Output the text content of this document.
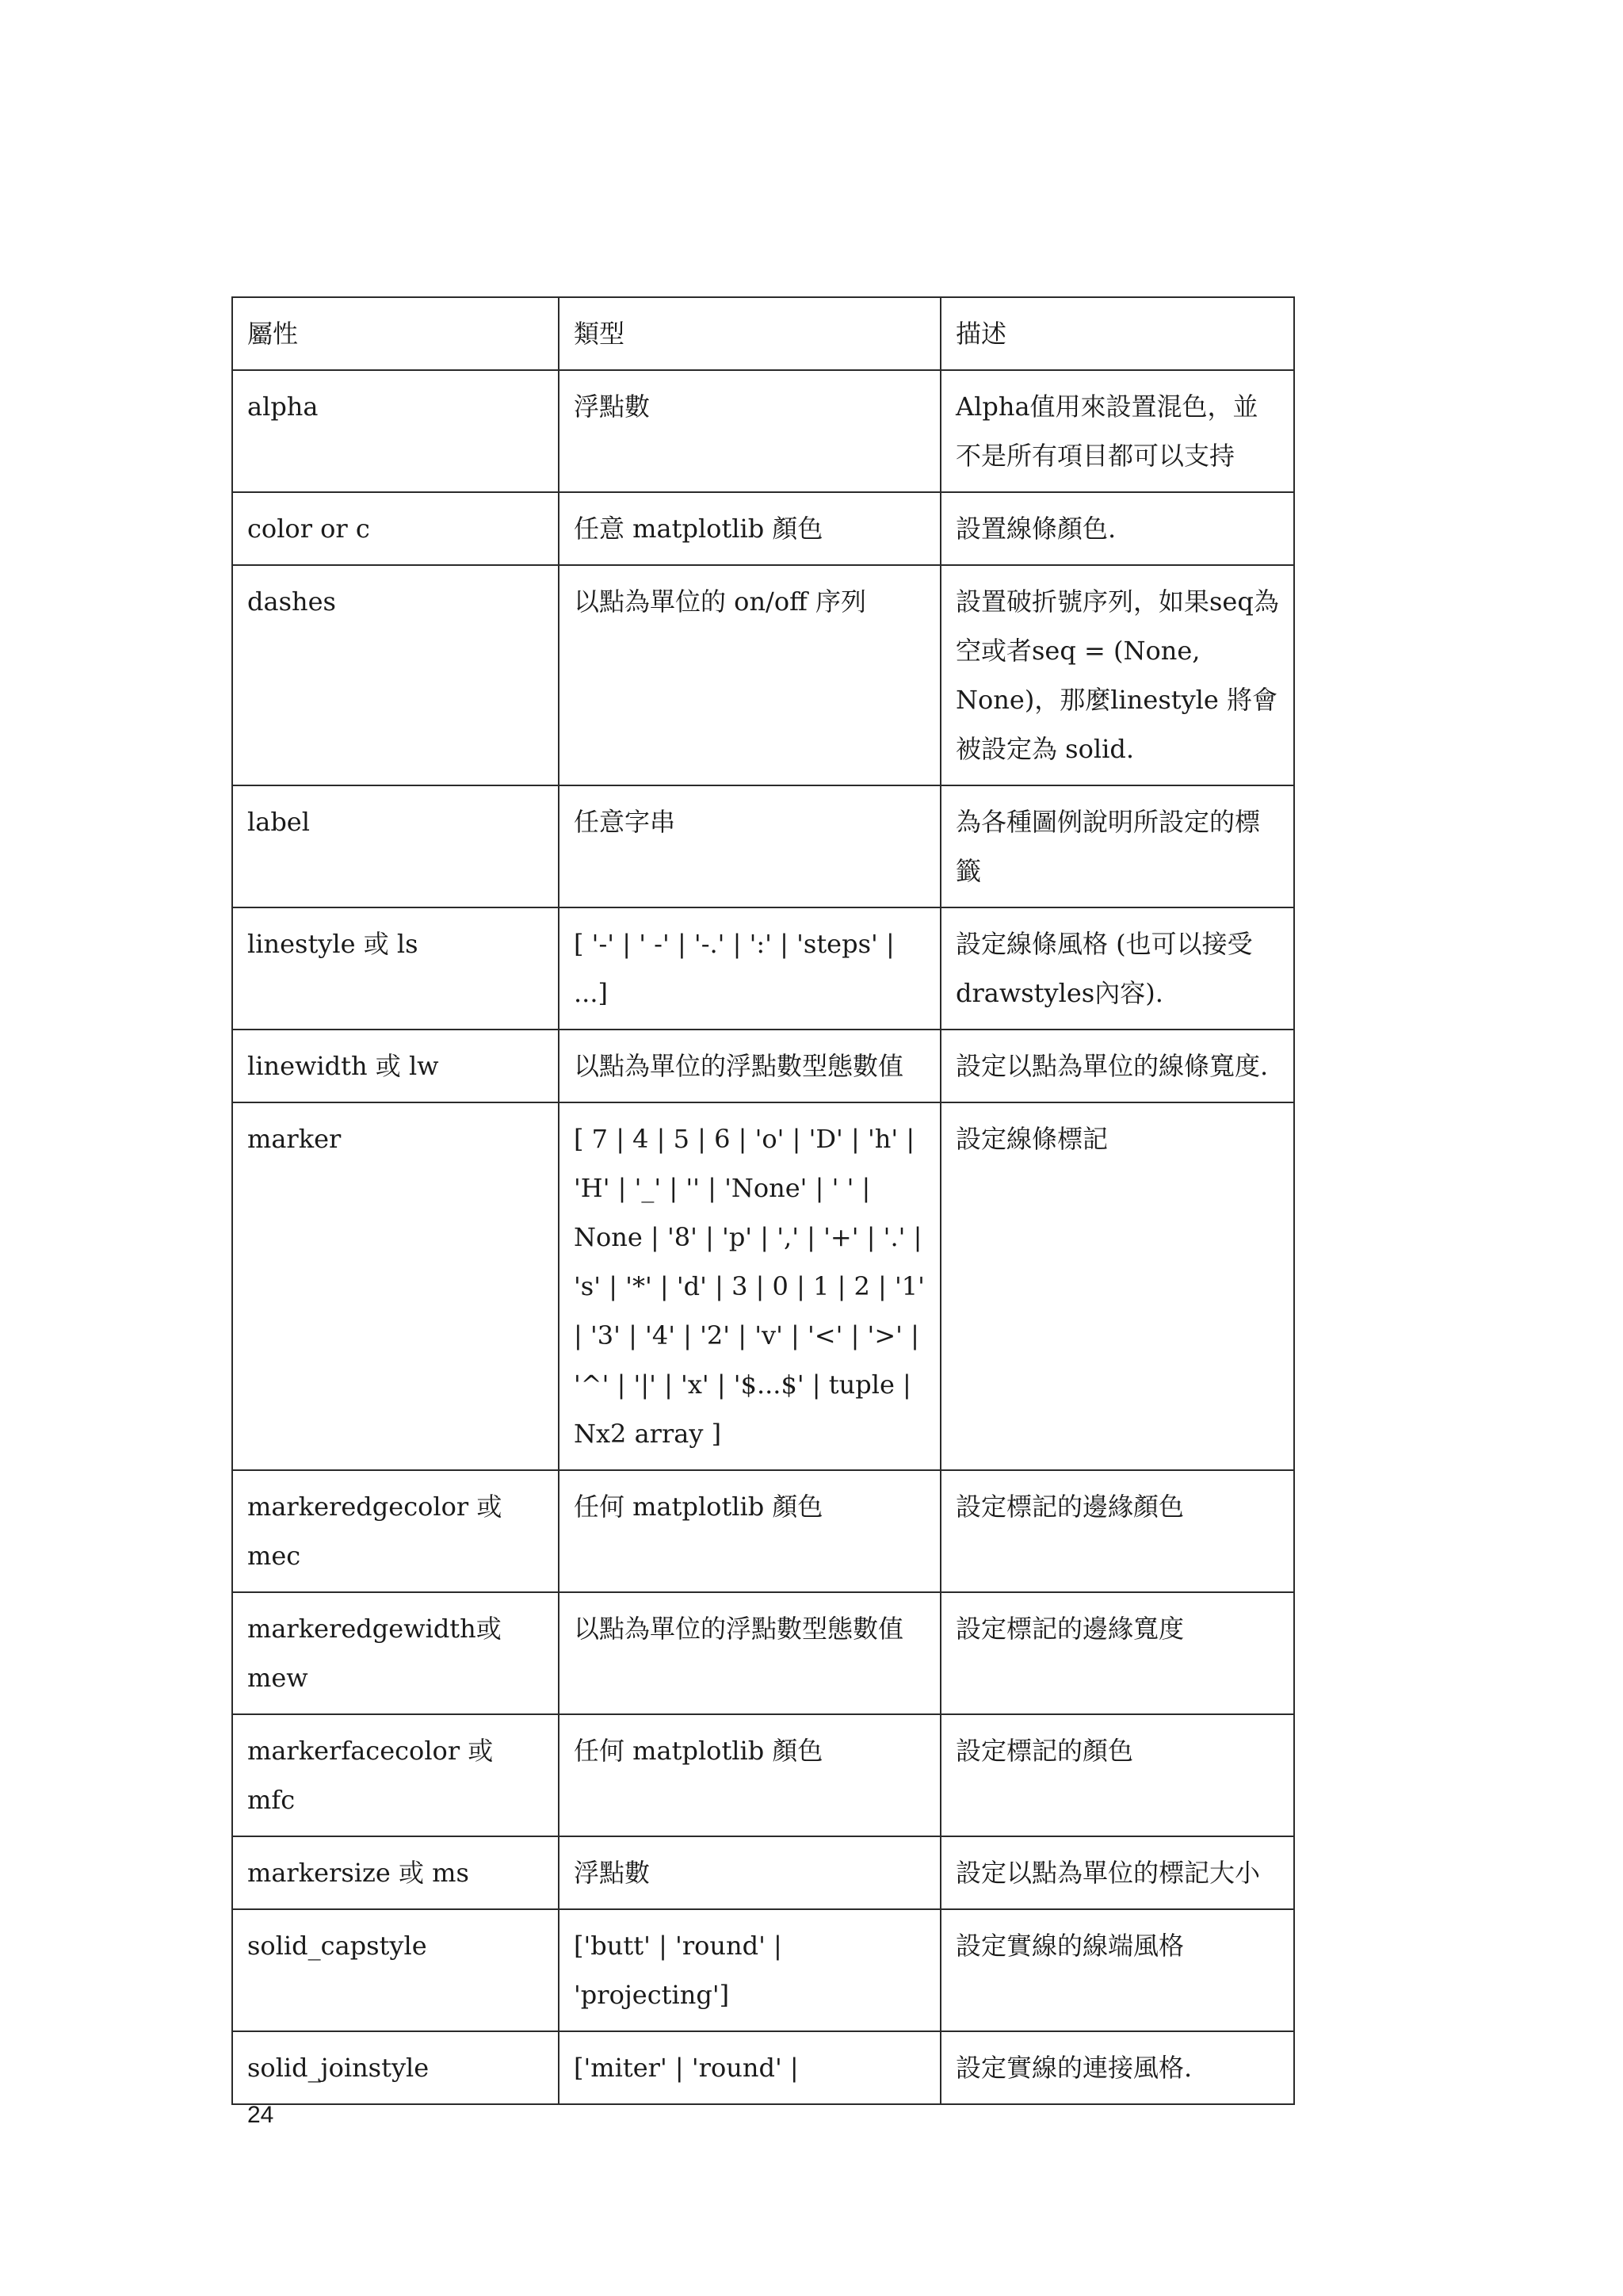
屬性	類型	描述
alpha	浮點數	Alpha值用來設置混色，並不是所有項目都可以支持
color or c	任意 matplotlib 顏色	設置線條顏色.
dashes	以點為單位的 on/off 序列	設置破折號序列，如果seq為空或者seq = (None, None)，那麼linestyle 將會被設定為 solid.
label	任意字串	為各種圖例說明所設定的標籤
linestyle 或 ls	[ '-' | ' -' | '-.' | ':' | 'steps' | ...]	設定線條風格 (也可以接受 drawstyles內容).
linewidth 或 lw	以點為單位的浮點數型態數值	設定以點為單位的線條寬度.
marker	[ 7 | 4 | 5 | 6 | 'o' | 'D' | 'h' | 'H' | '_' | '' | 'None' | ' ' | None | '8' | 'p' | ',' | '+' | '.' | 's' | '*' | 'd' | 3 | 0 | 1 | 2 | '1' | '3' | '4' | '2' | 'v' | '<' | '>' | '^' | '|' | 'x' | '$...$' | tuple | Nx2 array ]	設定線條標記
markeredgecolor 或 mec	任何 matplotlib 顏色	設定標記的邊緣顏色
markeredgewidth或 mew	以點為單位的浮點數型態數值	設定標記的邊緣寬度
markerfacecolor 或 mfc	任何 matplotlib 顏色	設定標記的顏色
markersize 或 ms	浮點數	設定以點為單位的標記大小
solid_capstyle	['butt' | 'round' | 'projecting']	設定實線的線端風格
solid_joinstyle	['miter' | 'round' |	設定實線的連接風格.
24
